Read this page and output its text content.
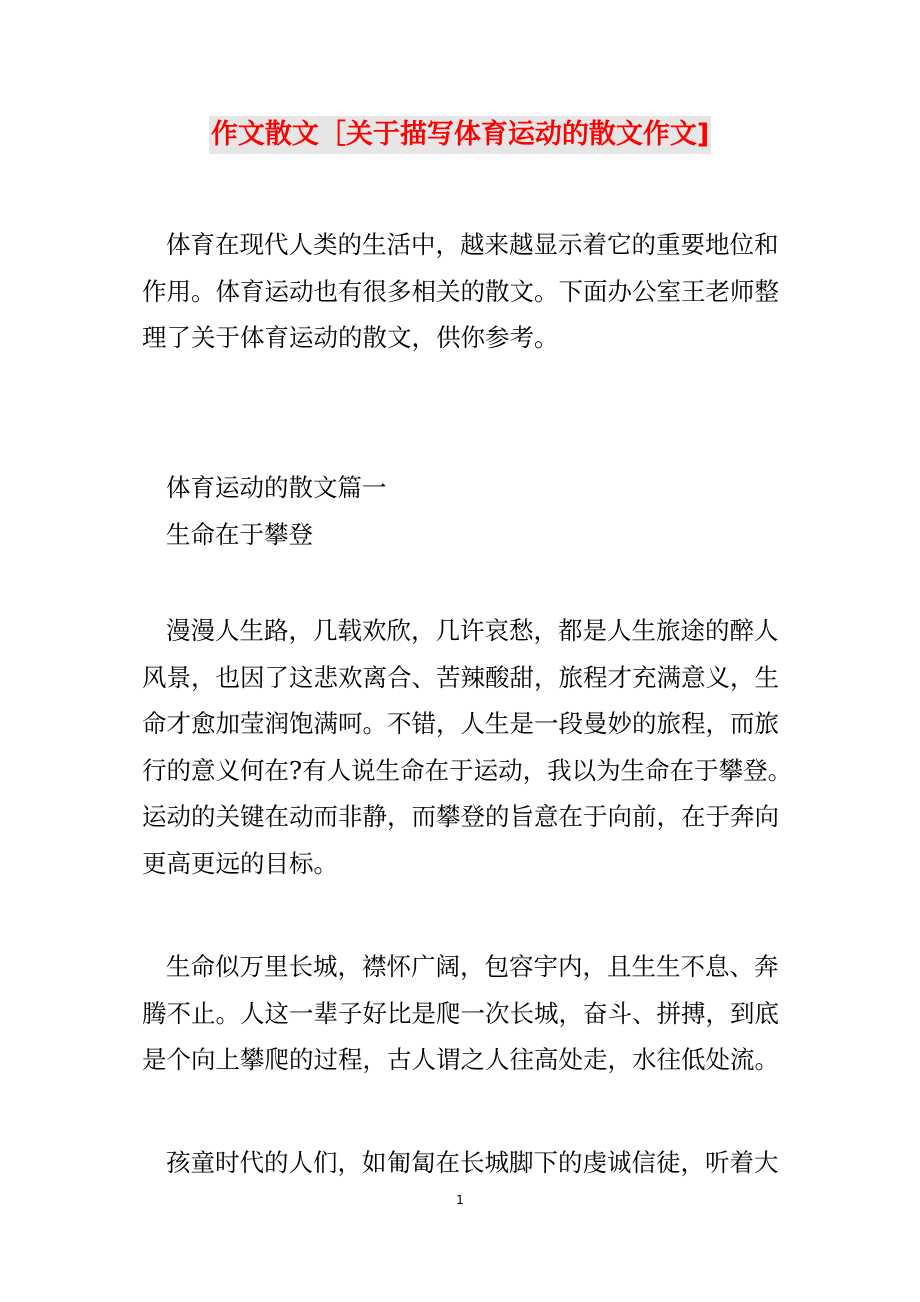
作文散文［关于描写体育运动的散文作文]
体育在现代人类的生活中，越来越显示着它的重要地位和
作用。体育运动也有很多相关的散文。下面办公室王老师整
理了关于体育运动的散文，供你参考。
体育运动的散文篇一
生命在于攀登
漫漫人生路，几载欢欣，几许哀愁，都是人生旅途的醉人
风景，也因了这悲欢离合、苦辣酸甜，旅程才充满意义，生
命才愈加莹润饱满呵。不错，人生是一段曼妙的旅程，而旅
行的意义何在?有人说生命在于运动，我以为生命在于攀登。
运动的关键在动而非静，而攀登的旨意在于向前，在于奔向
更高更远的目标。
生命似万里长城，襟怀广阔，包容宇内，且生生不息、奔
腾不止。人这一辈子好比是爬一次长城，奋斗、拼搏，到底
是个向上攀爬的过程，古人谓之人往高处走，水往低处流。
孩童时代的人们，如匍匐在长城脚下的虔诚信徒，听着大
1
